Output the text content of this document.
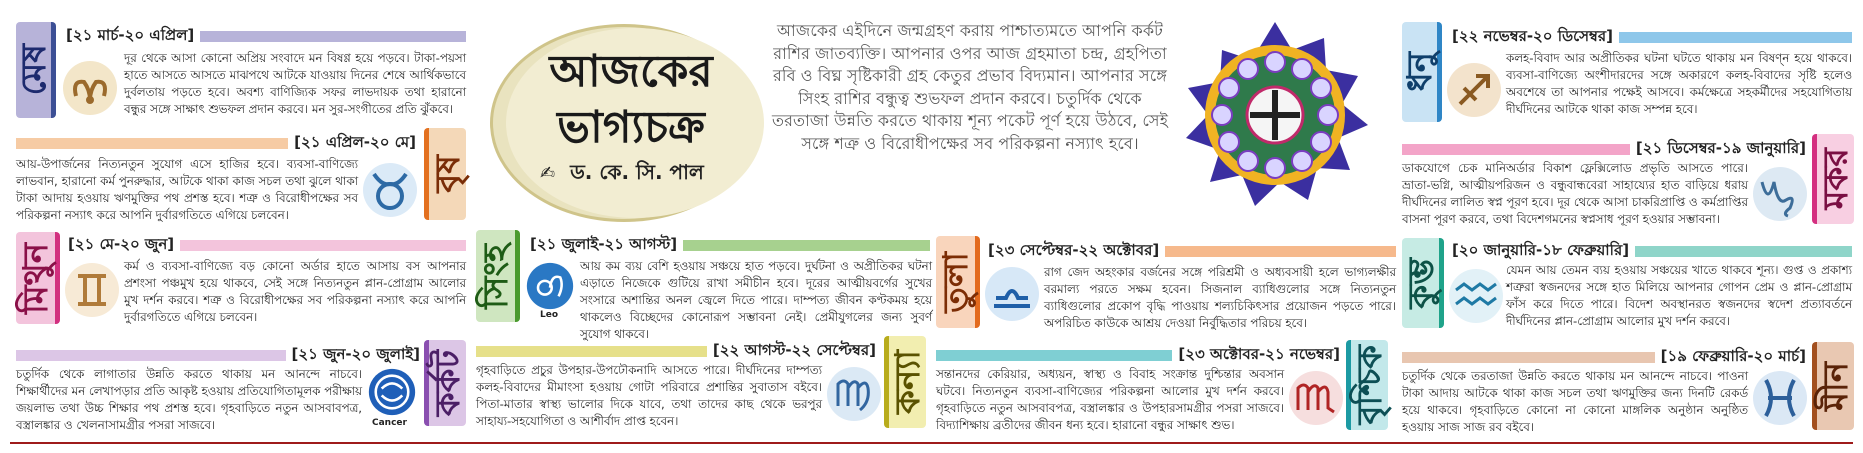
মেষ
[২১ মার্চ-২০ এপ্রিল]
দূর থেকে আসা কোনো অপ্রিয় সংবাদে মন বিষণ্ণ হয়ে পড়বে। টাকা-পয়সা হাতে আসতে আসতে মাঝপথে আটকে যাওয়ায় দিনের শেষে আর্থিকভাবে দুর্বলতায় পড়তে হবে। অবশ্য বাণিজ্যিক সফর লাভদায়ক তথা হারানো বন্ধুর সঙ্গে সাক্ষাৎ শুভফল প্রদান করবে। মন সুর-সংগীতের প্রতি ঝুঁকবে।
[২১ এপ্রিল-২০ মে]
বৃষ
আয়-উপার্জনের নিত্যনতুন সুযোগ এসে হাজির হবে। ব্যবসা-বাণিজ্যে লাভবান, হারানো কর্ম পুনরুদ্ধার, আটকে থাকা কাজ সচল তথা ঝুলে থাকা টাকা আদায় হওয়ায় ঋণমুক্তির পথ প্রশস্ত হবে। শত্রু ও বিরোধীপক্ষের সব পরিকল্পনা নস্যাৎ করে আপনি দুর্বারগতিতে এগিয়ে চলবেন।
মিথুন [২১ মে-২০ জুন]
কর্ম ও ব্যবসা-বাণিজ্যে বড় কোনো অর্ডার হাতে আসায় বস আপনার প্রশংসা পঞ্চমুখ হয়ে থাকবে, সেই সঙ্গে নিত্যনতুন প্লান-প্রোগ্রাম আলোর মুখ দর্শন করবে। শত্রু ও বিরোধীপক্ষের সব পরিকল্পনা নস্যাৎ করে আপনি দুর্বারগতিতে এগিয়ে চলবেন।
[২১ জুন-২০ জুলাই] কর্কট
চতুর্দিক থেকে লাগাতার উন্নতি করতে থাকায় মন আনন্দে নাচবে। শিক্ষার্থীদের মন লেখাপড়ার প্রতি আকৃষ্ট হওয়ায় প্রতিযোগিতামূলক পরীক্ষায় জয়লাভ তথা উচ্চ শিক্ষার পথ প্রশস্ত হবে। গৃহবাড়িতে নতুন আসবাবপত্র, বস্ত্রালঙ্কার ও খেলনাসামগ্রীর পসরা সাজবে।	Cancer
আজকের
ভাগ্যচক্র
✍ ড. কে. সি. পাল
আজকের এইদিনে জন্মগ্রহণ করায় পাশ্চাত্যমতে আপনি কর্কট রাশির জাতব্যক্তি। আপনার ওপর আজ গ্রহমাতা চন্দ্র, গ্রহপিতা রবি ও বিঘ্ন সৃষ্টিকারী গ্রহ কেতুর প্রভাব বিদ্যমান। আপনার সঙ্গে সিংহ রাশির বন্ধুত্ব শুভফল প্রদান করবে। চতুর্দিক থেকে তরতাজা উন্নতি করতে থাকায় শূন্য পকেট পূর্ণ হয়ে উঠবে, সেই সঙ্গে শত্রু ও বিরোধীপক্ষের সব পরিকল্পনা নস্যাৎ হবে।
সিংহ
[২১ জুলাই-২১ আগস্ট]
Leo
আয় কম ব্যয় বেশি হওয়ায় সঞ্চয়ে হাত পড়বে। দুর্ঘটনা ও অপ্রীতিকর ঘটনা এড়াতে নিজেকে গুটিয়ে রাখা সমীচীন হবে। দূরের আত্মীয়বর্গের সুখের সংসারে অশান্তির অনল জ্বেলে দিতে পারে। দাম্পত্য জীবন কণ্টকময় হয়ে থাকলেও বিচ্ছেদের কোনোরূপ সম্ভাবনা নেই। প্রেমীযুগলের জন্য সুবর্ণ সুযোগ থাকবে।
[২২ আগস্ট-২২ সেপ্টেম্বর]
কন্যা
গৃহবাড়িতে প্রচুর উপহার-উপঢৌকনাদি আসতে পারে। দীর্ঘদিনের দাম্পত্য কলহ-বিবাদের মীমাংসা হওয়ায় গোটা পরিবারে প্রশান্তির সুবাতাস বইবে। পিতা-মাতার স্বাস্থ্য ভালোর দিকে যাবে, তথা তাদের কাছ থেকে ভরপুর সাহায্য-সহযোগিতা ও আশীর্বাদ প্রাপ্ত হবেন।
তুলা
[২৩ সেপ্টেম্বর-২২ অক্টোবর]
রাগ জেদ অহংকার বর্জনের সঙ্গে পরিশ্রমী ও অধ্যবসায়ী হলে ভাগ্যলক্ষীর বরমাল্য পরতে সক্ষম হবেন। সিজনাল ব্যাধিগুলোর সঙ্গে নিত্যনতুন ব্যাধিগুলোর প্রকোপ বৃদ্ধি পাওয়ায় শল্যচিকিৎসার প্রয়োজন পড়তে পারে। অপরিচিত কাউকে আশ্রয় দেওয়া নির্বুদ্ধিতার পরিচয় হবে।
[২৩ অক্টোবর-২১ নভেম্বর] বৃশ্চিক
সন্তানদের কেরিয়ার, অধ্যয়ন, স্বাস্থ্য ও বিবাহ সংক্রান্ত দুশ্চিন্তার অবসান ঘটবে। নিত্যনতুন ব্যবসা-বাণিজ্যের পরিকল্পনা আলোর মুখ দর্শন করবে। গৃহবাড়িতে নতুন আসবাবপত্র, বস্ত্রালঙ্কার ও উপহারসামগ্রীর পসরা সাজবে। বিদ্যাশিক্ষায় ব্রতীদের জীবন ধন্য হবে। হারানো বন্ধুর সাক্ষাৎ শুভ।
ধনু
[২২ নভেম্বর-২০ ডিসেম্বর]
কলহ-বিবাদ আর অপ্রীতিকর ঘটনা ঘটতে থাকায় মন বিষণ্ন হয়ে থাকবে। ব্যবসা-বাণিজ্যে অংশীদারদের সঙ্গে অকারণে কলহ-বিবাদের সৃষ্টি হলেও অবশেষে তা আপনার পক্ষেই আসবে। কর্মক্ষেত্রে সহকর্মীদের সহযোগিতায় দীর্ঘদিনের আটকে থাকা কাজ সম্পন্ন হবে।
[২১ ডিসেম্বর-১৯ জানুয়ারি]
মকর
ডাকযোগে চেক মানিঅর্ডার বিকাশ ফ্লেক্সিলোড প্রভৃতি আসতে পারে। ভ্রাতা-ভগ্নি, আত্মীয়পরিজন ও বন্ধুবান্ধবেরা সাহায্যের হাত বাড়িয়ে ধরায় দীর্ঘদিনের লালিত স্বপ্ন পূরণ হবে। দূর থেকে আসা চাকরিপ্রাপ্তি ও কর্মপ্রাপ্তির বাসনা পূরণ করবে, তথা বিদেশগমনের স্বপ্নসাধ পূরণ হওয়ার সম্ভাবনা।
কুম্ভ
[২০ জানুয়ারি-১৮ ফেব্রুয়ারি]
যেমন আয় তেমন ব্যয় হওয়ায় সঞ্চয়ের খাতে থাকবে শূন্য। গুপ্ত ও প্রকাশ্য শত্রুরা স্বজনদের সঙ্গে হাত মিলিয়ে আপনার গোপন প্রেম ও প্লান-প্রোগ্রাম ফাঁস করে দিতে পারে। বিদেশ অবস্থানরত স্বজনদের স্বদেশ প্রত্যাবর্তনে দীর্ঘদিনের প্লান-প্রোগ্রাম আলোর মুখ দর্শন করবে।
[১৯ ফেব্রুয়ারি-২০ মার্চ]
মীন
চতুর্দিক থেকে তরতাজা উন্নতি করতে থাকায় মন আনন্দে নাচবে। পাওনা টাকা আদায় আটকে থাকা কাজ সচল তথা ঋণমুক্তির জন্য দিনটি রেকর্ড হয়ে থাকবে। গৃহবাড়িতে কোনো না কোনো মাঙ্গলিক অনুষ্ঠান অনুষ্ঠিত হওয়ায় সাজ সাজ রব বইবে।
